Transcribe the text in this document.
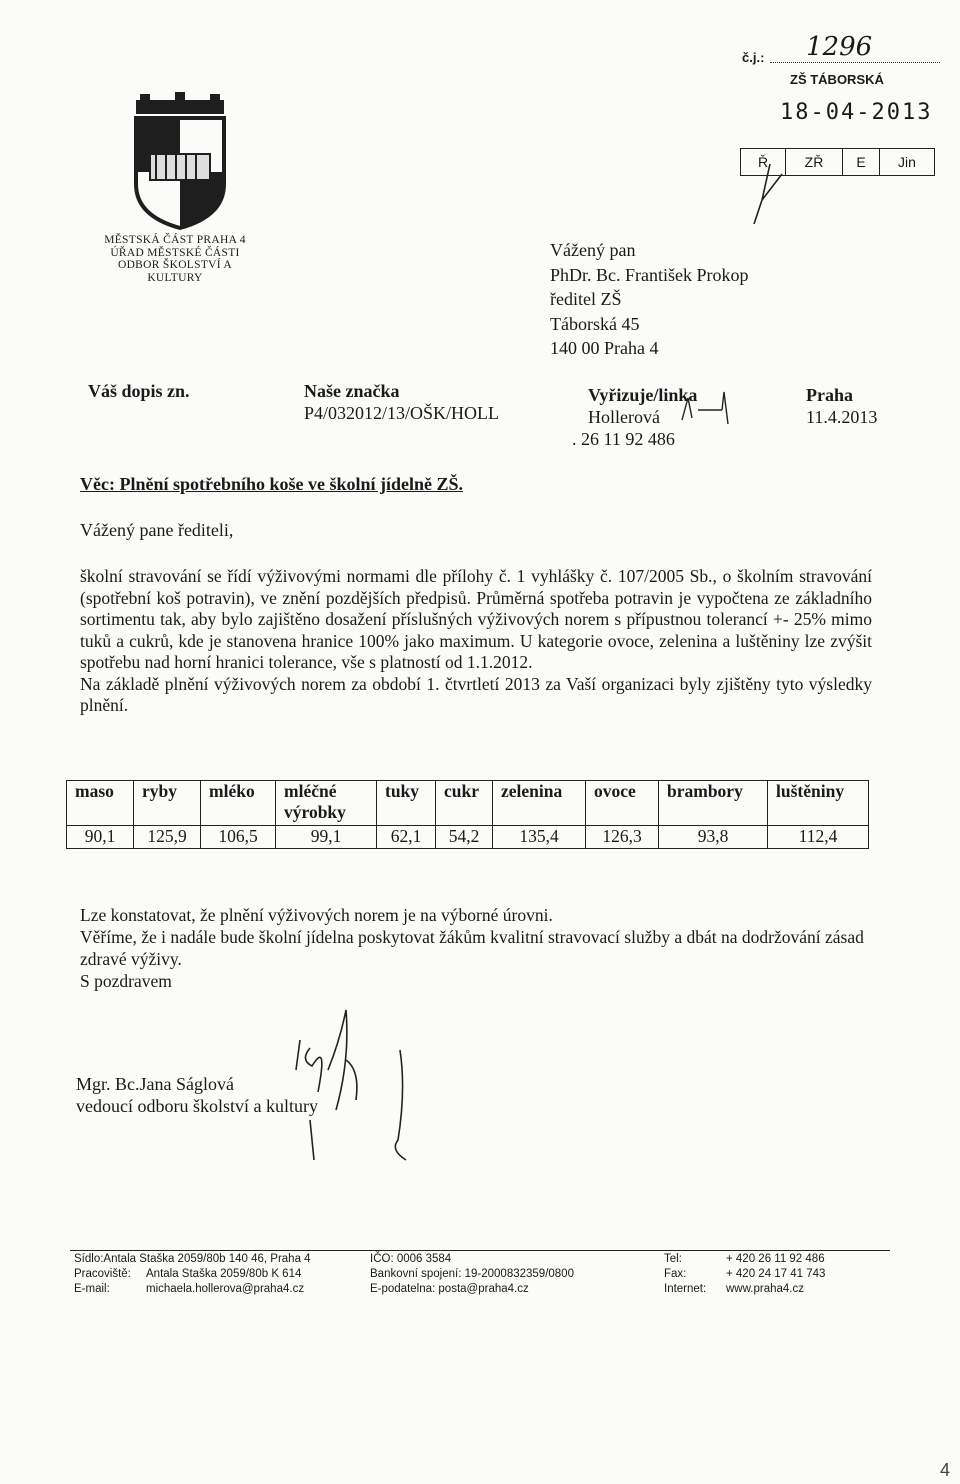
č.j.: 1296
ZŠ TÁBORSKÁ
18-04-2013
Ř	ZŘ	E	Jin
MĚSTSKÁ ČÁST PRAHA 4
ÚŘAD MĚSTSKÉ ČÁSTI
ODBOR ŠKOLSTVÍ A
KULTURY
Vážený pan
PhDr. Bc. František Prokop
ředitel ZŠ
Táborská 45
140 00 Praha 4
Váš dopis zn.	Naše značka
P4/032012/13/OŠK/HOLL
Vyřizuje/linka
Hollerová
. 26 11 92 486
Praha
11.4.2013
Věc: Plnění spotřebního koše ve školní jídelně ZŠ.
Vážený pane řediteli,
školní stravování se řídí výživovými normami dle přílohy č. 1 vyhlášky č. 107/2005 Sb., o školním stravování (spotřební koš potravin), ve znění pozdějších předpisů. Průměrná spotřeba potravin je vypočtena ze základního sortimentu tak, aby bylo zajištěno dosažení příslušných výživových norem s přípustnou tolerancí +- 25% mimo tuků a cukrů, kde je stanovena hranice 100% jako maximum. U kategorie ovoce, zelenina a luštěniny lze zvýšit spotřebu nad horní hranici tolerance, vše s platností od 1.1.2012.
Na základě plnění výživových norem za období 1. čtvrtletí 2013 za Vaší organizaci byly zjištěny tyto výsledky plnění.
maso	ryby	mléko	mléčné výrobky	tuky	cukr	zelenina	ovoce	brambory	luštěniny
90,1	125,9	106,5	99,1	62,1	54,2	135,4	126,3	93,8	112,4
Lze konstatovat, že plnění výživových norem je na výborné úrovni.
Věříme, že i nadále bude školní jídelna poskytovat žákům kvalitní stravovací služby a dbát na dodržování zásad zdravé výživy.
S pozdravem
Mgr. Bc.Jana Ságlová
vedoucí odboru školství a kultury
Sídlo:Antala Staška 2059/80b 140 46, Praha 4
Pracoviště: Antala Staška 2059/80b K 614
E-mail:	michaela.hollerova@praha4.cz
IČO: 0006 3584
Bankovní spojení: 19-2000832359/0800
E-podatelna: posta@praha4.cz
Tel:	+ 420 26 11 92 486
Fax:	+ 420 24 17 41 743
Internet: www.praha4.cz
4
